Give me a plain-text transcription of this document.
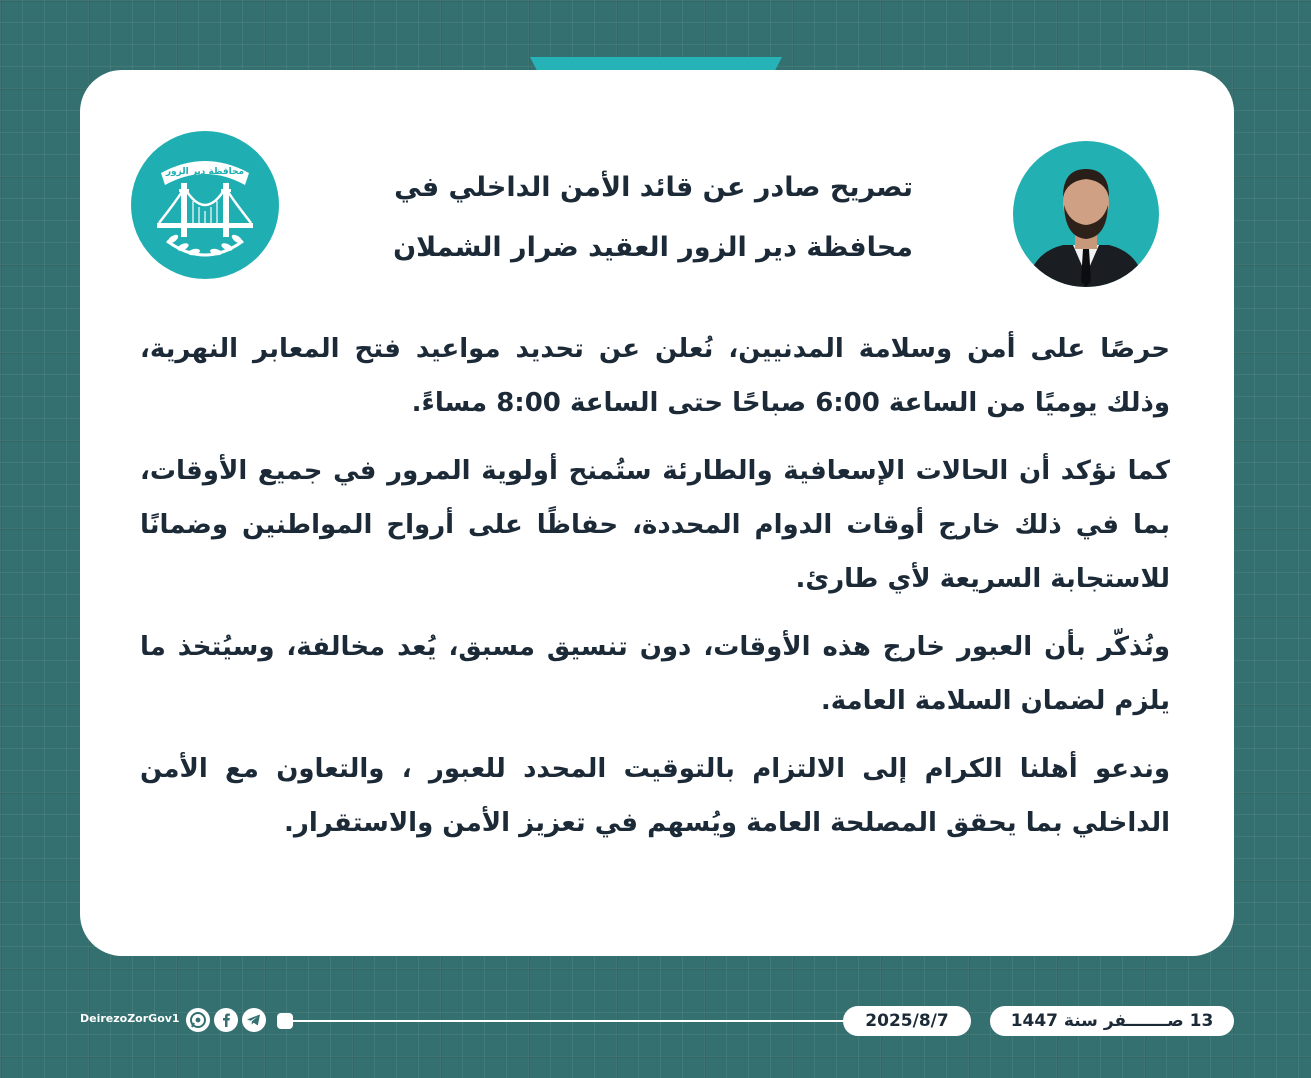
محافظة دير الزور	تصريح صادر عن قائد الأمن الداخلي في
محافظة دير الزور العقيد ضرار الشملان

حرصًا على أمن وسلامة المدنيين، نُعلن عن تحديد مواعيد فتح المعابر النهرية، وذلك يوميًا من الساعة 6:00 صباحًا حتى الساعة 8:00 مساءً.

كما نؤكد أن الحالات الإسعافية والطارئة ستُمنح أولوية المرور في جميع الأوقات، بما في ذلك خارج أوقات الدوام المحددة، حفاظًا على أرواح المواطنين وضمانًا للاستجابة السريعة لأي طارئ.

ونُذكّر بأن العبور خارج هذه الأوقات، دون تنسيق مسبق، يُعد مخالفة، وسيُتخذ ما يلزم لضمان السلامة العامة.

وندعو أهلنا الكرام إلى الالتزام بالتوقيت المحدد للعبور ، والتعاون مع الأمن الداخلي بما يحقق المصلحة العامة ويُسهم في تعزيز الأمن والاستقرار.

DeirezoZorGov1	2025/8/7	13 صـــــــفر سنة 1447
